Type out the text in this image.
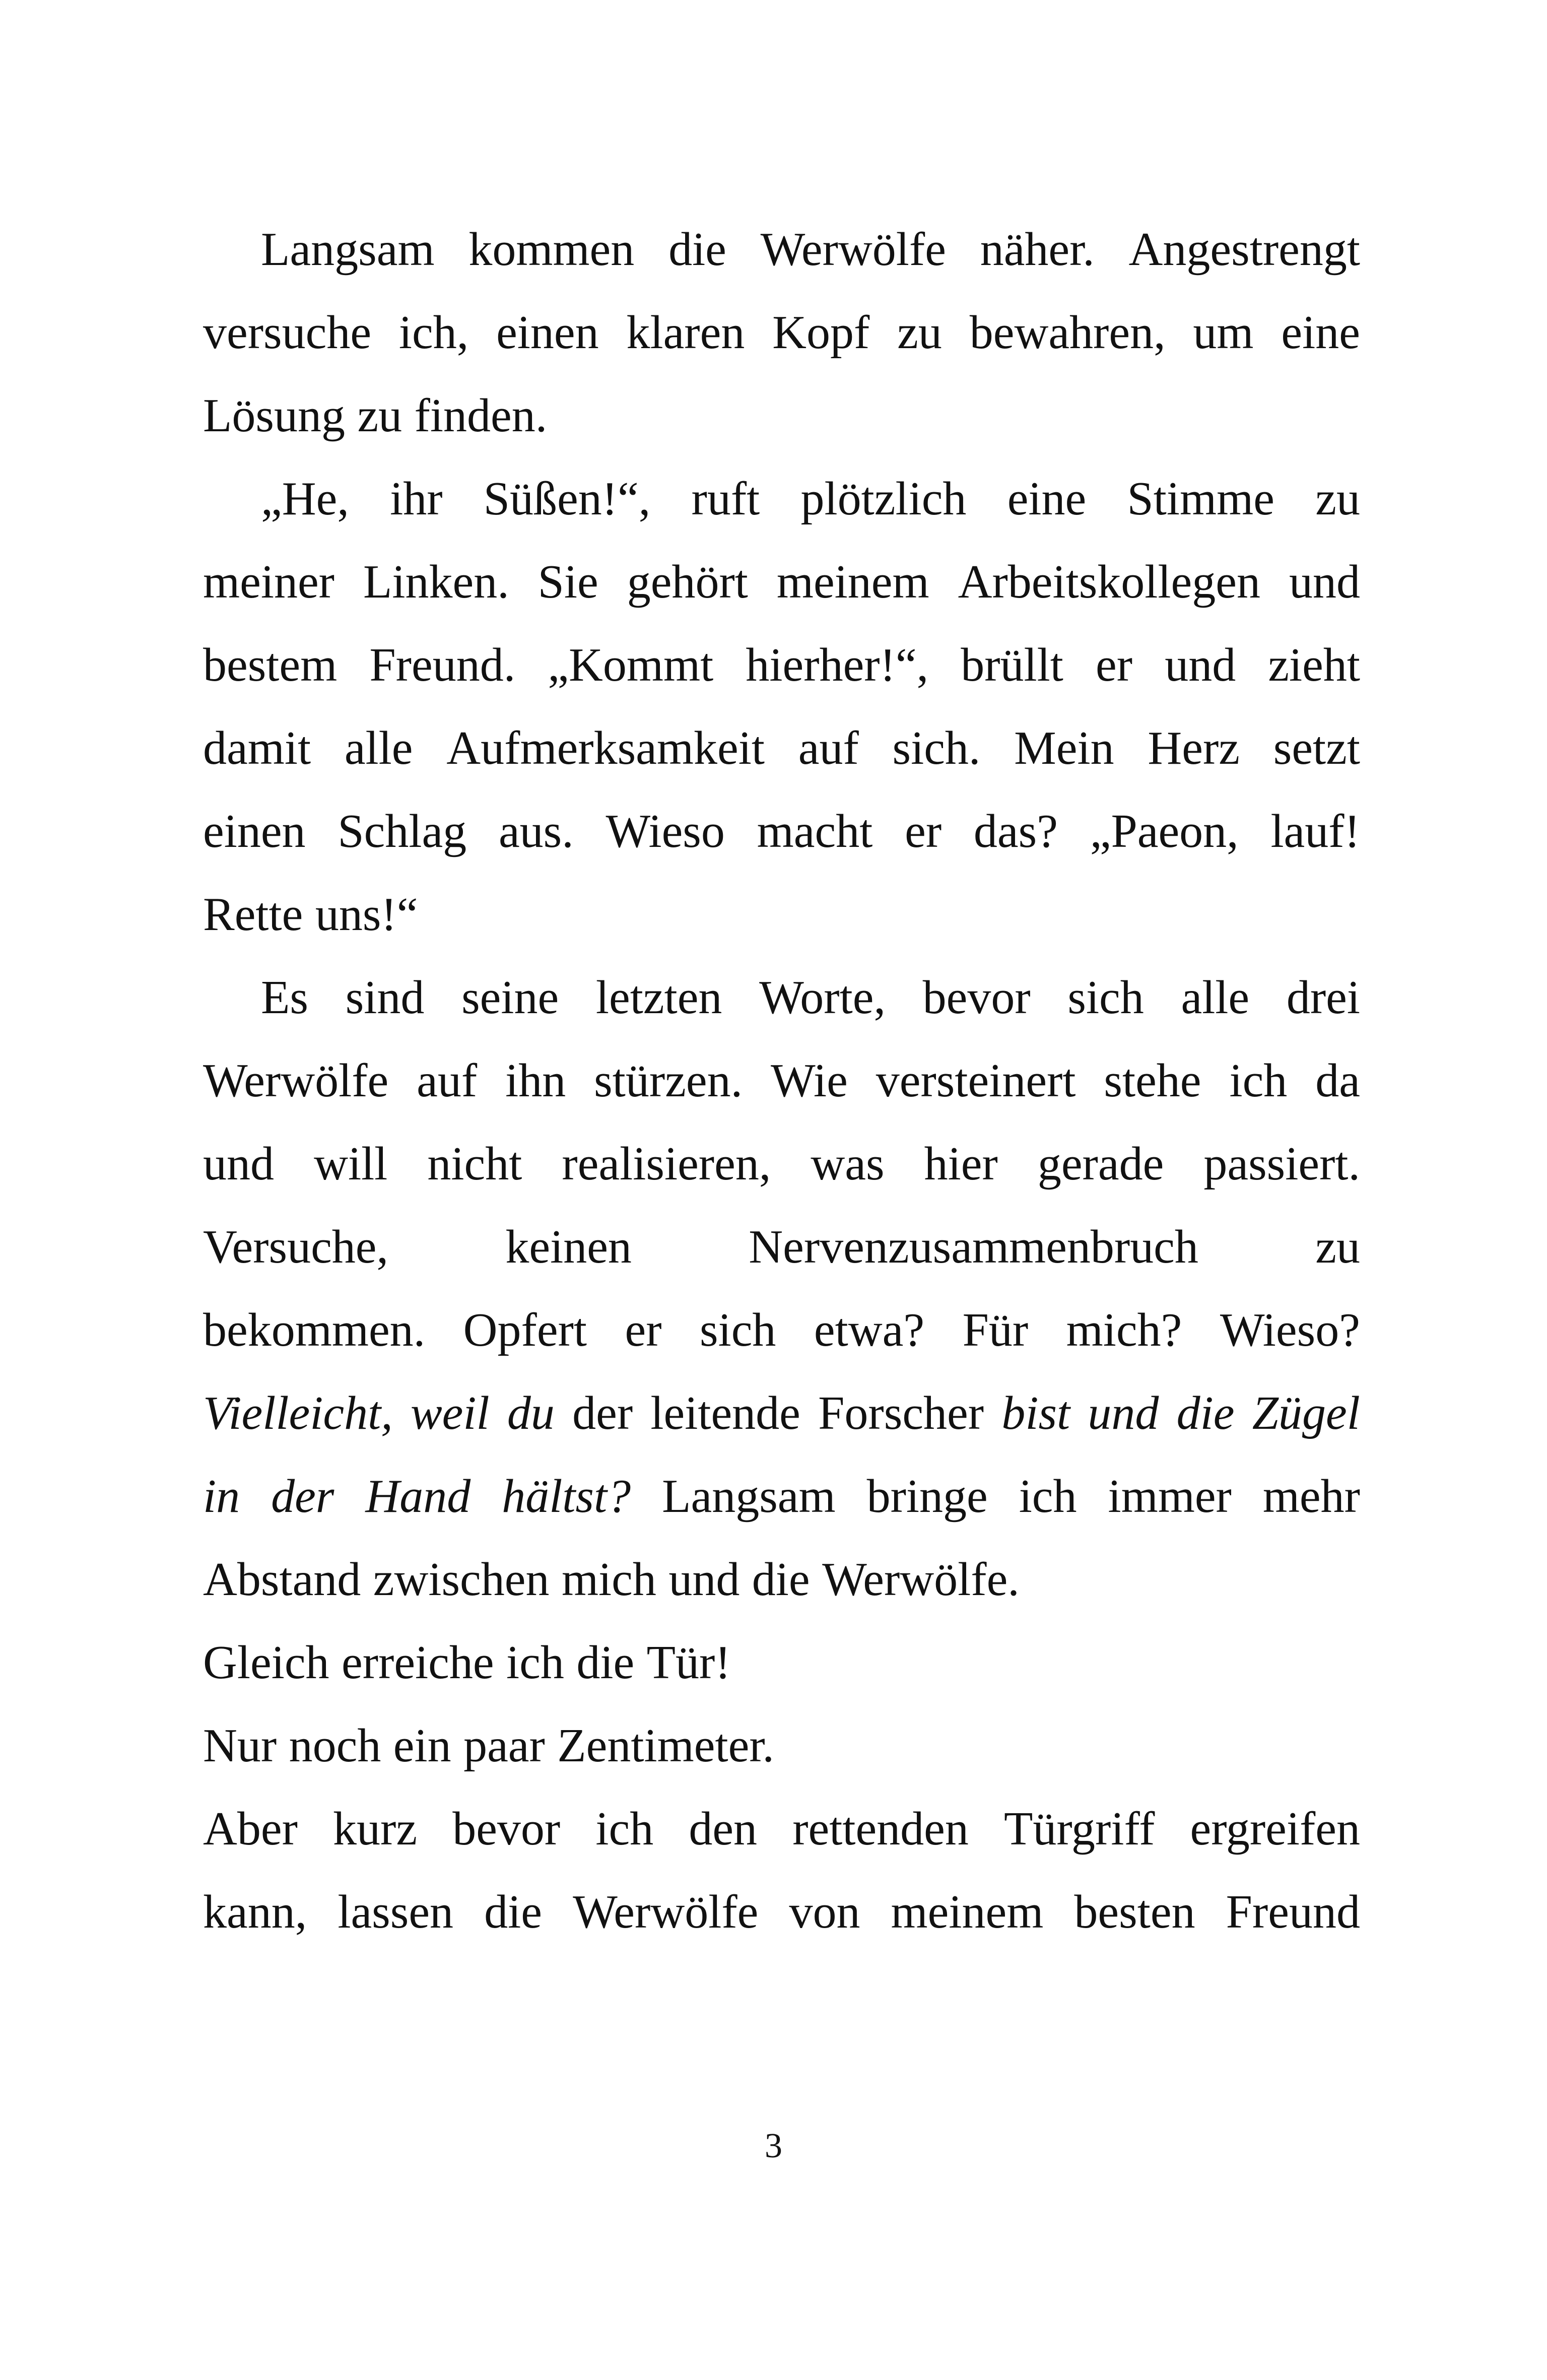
Langsam kommen die Werwölfe näher. Angestrengt
versuche ich, einen klaren Kopf zu bewahren, um eine
Lösung zu finden.
„He, ihr Süßen!“, ruft plötzlich eine Stimme zu
meiner Linken. Sie gehört meinem Arbeitskollegen und
bestem Freund. „Kommt hierher!“, brüllt er und zieht
damit alle Aufmerksamkeit auf sich. Mein Herz setzt
einen Schlag aus. Wieso macht er das? „Paeon, lauf!
Rette uns!“
Es sind seine letzten Worte, bevor sich alle drei
Werwölfe auf ihn stürzen. Wie versteinert stehe ich da
und will nicht realisieren, was hier gerade passiert.
Versuche, keinen Nervenzusammenbruch zu
bekommen. Opfert er sich etwa? Für mich? Wieso?
Vielleicht, weil du der leitende Forscher bist und die Zügel
in der Hand hältst? Langsam bringe ich immer mehr
Abstand zwischen mich und die Werwölfe.
Gleich erreiche ich die Tür!
Nur noch ein paar Zentimeter.
Aber kurz bevor ich den rettenden Türgriff ergreifen
kann, lassen die Werwölfe von meinem besten Freund
3
